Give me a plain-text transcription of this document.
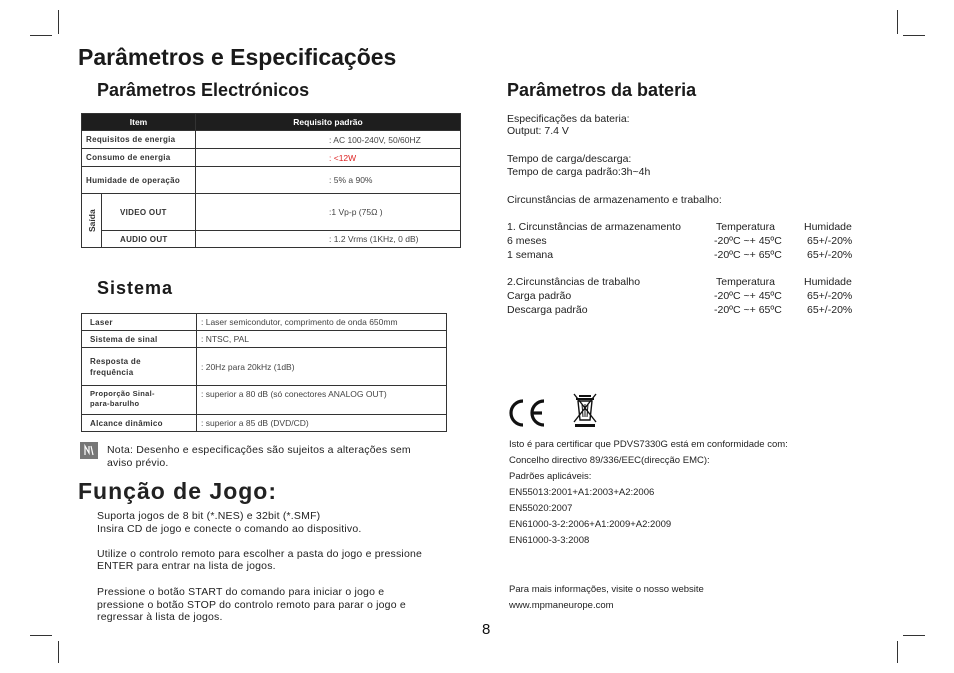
Parâmetros e Especificações
Parâmetros Electrónicos
Item		Requisito padrão
Requisitos de energia		: AC 100-240V, 50/60HZ
Consumo de energia		: <12W
Humidade de operação		: 5% a 90%
Saída	VIDEO OUT	:1 Vp-p (75Ω )
	AUDIO OUT	: 1.2 Vrms (1KHz, 0 dB)
Sistema
Laser	: Laser semicondutor, comprimento de onda 650mm
Sistema de sinal	: NTSC, PAL
Resposta de
frequência	: 20Hz para 20kHz (1dB)
Proporção Sinal-
para-barulho	: superior a 80 dB (só conectores ANALOG OUT)
Alcance dinâmico	: superior a 85 dB (DVD/CD)
Nota: Desenho e especificações são sujeitos a alterações sem
aviso prévio.
Função de Jogo:
Suporta jogos de 8 bit (*.NES) e 32bit (*.SMF)
Insira CD de jogo e conecte o comando ao dispositivo.
Utilize o controlo remoto para escolher a pasta do jogo e pressione
ENTER para entrar na lista de jogos.
Pressione o botão START do comando para iniciar o jogo e
pressione o botão STOP do controlo remoto para parar o jogo e
regressar à lista de jogos.
Parâmetros da bateria
Especificações da bateria:
Output: 7.4 V
Tempo de carga/descarga:
Tempo de carga padrão:3h~4h
Circunstâncias de armazenamento e trabalho:
1. Circunstâncias de armazenamento	Temperatura	Humidade
6 meses	-20ºC ~+ 45ºC 65+/-20%
1 semana	-20ºC ~+ 65ºC 65+/-20%
2.Circunstâncias de trabalho	Temperatura	Humidade
Carga padrão	-20ºC ~+ 45ºC 65+/-20%
Descarga padrão	-20ºC ~+ 65ºC 65+/-20%
Isto é para certificar que PDVS7330G está em conformidade com:
Concelho directivo 89/336/EEC(direcção EMC):
Padrões aplicáveis:
EN55013:2001+A1:2003+A2:2006
EN55020:2007
EN61000-3-2:2006+A1:2009+A2:2009
EN61000-3-3:2008
Para mais informações, visite o nosso website
www.mpmaneurope.com
8
